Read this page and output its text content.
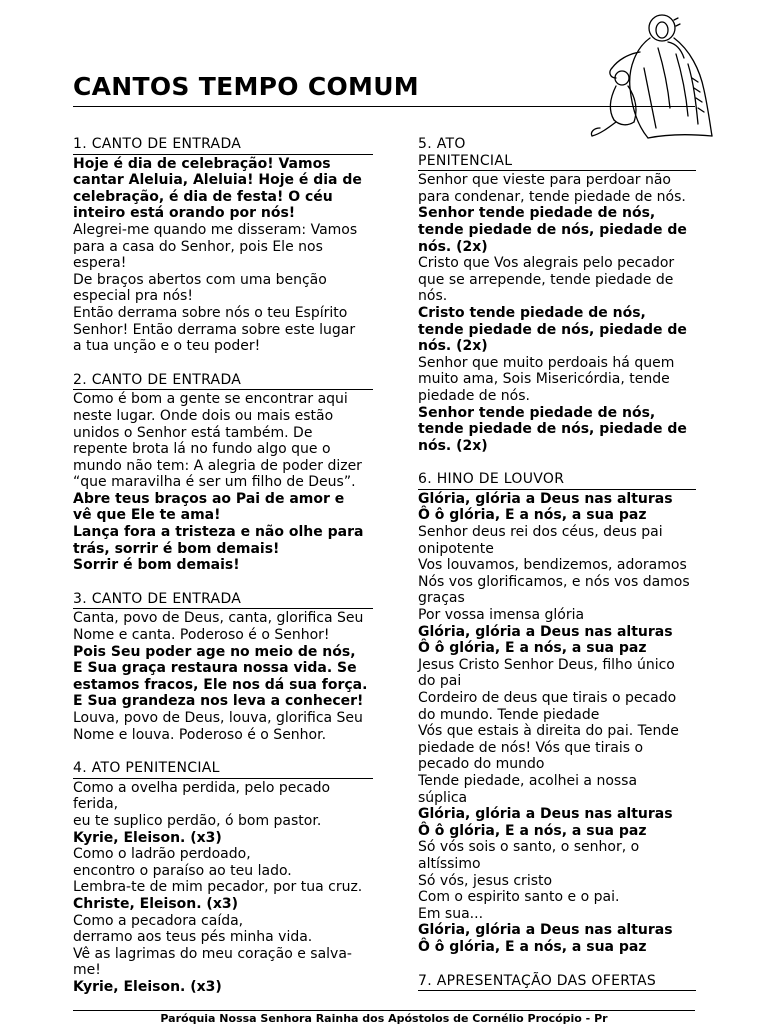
CANTOS TEMPO COMUM
1. CANTO DE ENTRADA
Hoje é dia de celebração! Vamos
cantar Aleluia, Aleluia! Hoje é dia de
celebração, é dia de festa! O céu
inteiro está orando por nós!
Alegrei-me quando me disseram: Vamos
para a casa do Senhor, pois Ele nos
espera!
De braços abertos com uma benção
especial pra nós!
Então derrama sobre nós o teu Espírito
Senhor! Então derrama sobre este lugar
a tua unção e o teu poder!
2. CANTO DE ENTRADA
Como é bom a gente se encontrar aqui
neste lugar. Onde dois ou mais estão
unidos o Senhor está também. De
repente brota lá no fundo algo que o
mundo não tem: A alegria de poder dizer
“que maravilha é ser um filho de Deus”.
Abre teus braços ao Pai de amor e
vê que Ele te ama!
Lança fora a tristeza e não olhe para
trás, sorrir é bom demais!
Sorrir é bom demais!
3. CANTO DE ENTRADA
Canta, povo de Deus, canta, glorifica Seu
Nome e canta. Poderoso é o Senhor!
Pois Seu poder age no meio de nós,
E Sua graça restaura nossa vida. Se
estamos fracos, Ele nos dá sua força.
E Sua grandeza nos leva a conhecer!
Louva, povo de Deus, louva, glorifica Seu
Nome e louva. Poderoso é o Senhor.
4. ATO PENITENCIAL
Como a ovelha perdida, pelo pecado
ferida,
eu te suplico perdão, ó bom pastor.
Kyrie, Eleison. (x3)
Como o ladrão perdoado,
encontro o paraíso ao teu lado.
Lembra-te de mim pecador, por tua cruz.
Christe, Eleison. (x3)
Como a pecadora caída,
derramo aos teus pés minha vida.
Vê as lagrimas do meu coração e salva-
me!
Kyrie, Eleison. (x3)
5. ATO
PENITENCIAL
Senhor que vieste para perdoar não
para condenar, tende piedade de nós.
Senhor tende piedade de nós,
tende piedade de nós, piedade de
nós. (2x)
Cristo que Vos alegrais pelo pecador
que se arrepende, tende piedade de
nós.
Cristo tende piedade de nós,
tende piedade de nós, piedade de
nós. (2x)
Senhor que muito perdoais há quem
muito ama, Sois Misericórdia, tende
piedade de nós.
Senhor tende piedade de nós,
tende piedade de nós, piedade de
nós. (2x)
6. HINO DE LOUVOR
Glória, glória a Deus nas alturas
Ô ô glória, E a nós, a sua paz
Senhor deus rei dos céus, deus pai
onipotente
Vos louvamos, bendizemos, adoramos
Nós vos glorificamos, e nós vos damos
graças
Por vossa imensa glória
Glória, glória a Deus nas alturas
Ô ô glória, E a nós, a sua paz
Jesus Cristo Senhor Deus, filho único
do pai
Cordeiro de deus que tirais o pecado
do mundo. Tende piedade
Vós que estais à direita do pai. Tende
piedade de nós! Vós que tirais o
pecado do mundo
Tende piedade, acolhei a nossa
súplica
Glória, glória a Deus nas alturas
Ô ô glória, E a nós, a sua paz
Só vós sois o santo, o senhor, o
altíssimo
Só vós, jesus cristo
Com o espirito santo e o pai.
Em sua...
Glória, glória a Deus nas alturas
Ô ô glória, E a nós, a sua paz
7. APRESENTAÇÃO DAS OFERTAS
Paróquia Nossa Senhora Rainha dos Apóstolos de Cornélio Procópio - Pr
